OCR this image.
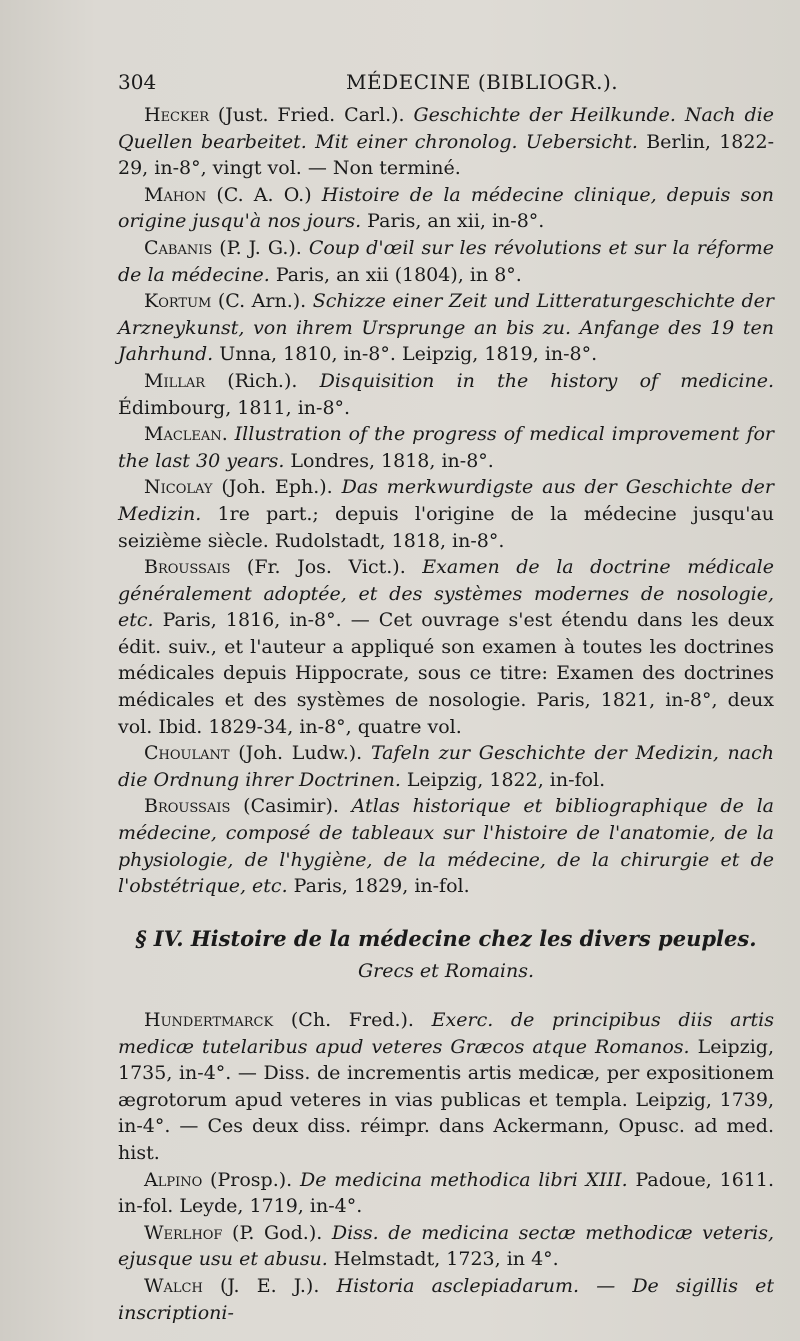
304	MÉDECINE (BIBLIOGR.).

Hecker (Just. Fried. Carl.). Geschichte der Heilkunde. Nach die Quellen bearbeitet. Mit einer chronolog. Uebersicht. Berlin, 1822-29, in-8°, vingt vol. — Non terminé.

Mahon (C. A. O.) Histoire de la médecine clinique, depuis son origine jusqu'à nos jours. Paris, an xii, in-8°.

Cabanis (P. J. G.). Coup d'œil sur les révolutions et sur la réforme de la médecine. Paris, an xii (1804), in 8°.

Kortum (C. Arn.). Schizze einer Zeit und Litteraturgeschichte der Arzneykunst, von ihrem Ursprunge an bis zu. Anfange des 19 ten Jahrhund. Unna, 1810, in-8°. Leipzig, 1819, in-8°.

Millar (Rich.). Disquisition in the history of medicine. Édimbourg, 1811, in-8°.

Maclean. Illustration of the progress of medical improvement for the last 30 years. Londres, 1818, in-8°.

Nicolay (Joh. Eph.). Das merkwurdigste aus der Geschichte der Medizin. 1re part.; depuis l'origine de la médecine jusqu'au seizième siècle. Rudolstadt, 1818, in-8°.

Broussais (Fr. Jos. Vict.). Examen de la doctrine médicale généralement adoptée, et des systèmes modernes de nosologie, etc. Paris, 1816, in-8°. — Cet ouvrage s'est étendu dans les deux édit. suiv., et l'auteur a appliqué son examen à toutes les doctrines médicales depuis Hippocrate, sous ce titre: Examen des doctrines médicales et des systèmes de nosologie. Paris, 1821, in-8°, deux vol. Ibid. 1829-34, in-8°, quatre vol.

Choulant (Joh. Ludw.). Tafeln zur Geschichte der Medizin, nach die Ordnung ihrer Doctrinen. Leipzig, 1822, in-fol.

Broussais (Casimir). Atlas historique et bibliographique de la médecine, composé de tableaux sur l'histoire de l'anatomie, de la physiologie, de l'hygiène, de la médecine, de la chirurgie et de l'obstétrique, etc. Paris, 1829, in-fol.

§ IV. Histoire de la médecine chez les divers peuples.
Grecs et Romains.

Hundertmarck (Ch. Fred.). Exerc. de principibus diis artis medicæ tutelaribus apud veteres Græcos atque Romanos. Leipzig, 1735, in-4°. — Diss. de incrementis artis medicæ, per expositionem ægrotorum apud veteres in vias publicas et templa. Leipzig, 1739, in-4°. — Ces deux diss. réimpr. dans Ackermann, Opusc. ad med. hist.

Alpino (Prosp.). De medicina methodica libri XIII. Padoue, 1611. in-fol. Leyde, 1719, in-4°.

Werlhof (P. God.). Diss. de medicina sectæ methodicæ veteris, ejusque usu et abusu. Helmstadt, 1723, in 4°.

Walch (J. E. J.). Historia asclepiadarum. — De sigillis et inscriptioni-
